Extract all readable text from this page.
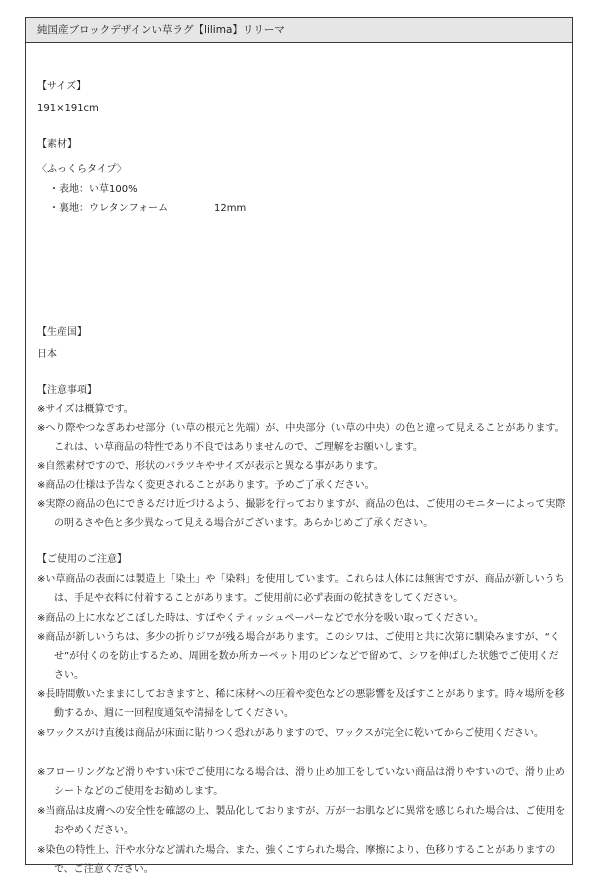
純国産ブロックデザインい草ラグ【lilima】リリーマ
【サイズ】
191×191cm
【素材】
〈ふっくらタイプ〉
・表地：い草100%
・裏地：ウレタンフォーム	12mm
【生産国】
日本
【注意事項】
※サイズは概算です。
※へり際やつなぎあわせ部分（い草の根元と先端）が、中央部分（い草の中央）の色と違って見えることがあります。これは、い草商品の特性であり不良ではありませんので、ご理解をお願いします。
※自然素材ですので、形状のバラツキやサイズが表示と異なる事があります。
※商品の仕様は予告なく変更されることがあります。予めご了承ください。
※実際の商品の色にできるだけ近づけるよう、撮影を行っておりますが、商品の色は、ご使用のモニターによって実際の明るさや色と多少異なって見える場合がございます。あらかじめご了承ください。
【ご使用のご注意】
※い草商品の表面には製造上「染土」や「染料」を使用しています。これらは人体には無害ですが、商品が新しいうちは、手足や衣料に付着することがあります。ご使用前に必ず表面の乾拭きをしてください。
※商品の上に水などこぼした時は、すばやくティッシュペーパーなどで水分を吸い取ってください。
※商品が新しいうちは、多少の折りジワが残る場合があります。このシワは、ご使用と共に次第に馴染みますが、“くせ”が付くのを防止するため、周囲を数か所カーペット用のピンなどで留めて、シワを伸ばした状態でご使用ください。
※長時間敷いたままにしておきますと、稀に床材への圧着や変色などの悪影響を及ぼすことがあります。時々場所を移動するか、週に一回程度通気や清掃をしてください。
※ワックスがけ直後は商品が床面に貼りつく恐れがありますので、ワックスが完全に乾いてからご使用ください。
※フローリングなど滑りやすい床でご使用になる場合は、滑り止め加工をしていない商品は滑りやすいので、滑り止めシートなどのご使用をお勧めします。
※当商品は皮膚への安全性を確認の上、製品化しておりますが、万が一お肌などに異常を感じられた場合は、ご使用をおやめください。
※染色の特性上、汗や水分など濡れた場合、また、強くこすられた場合、摩擦により、色移りすることがありますので、ご注意ください。
